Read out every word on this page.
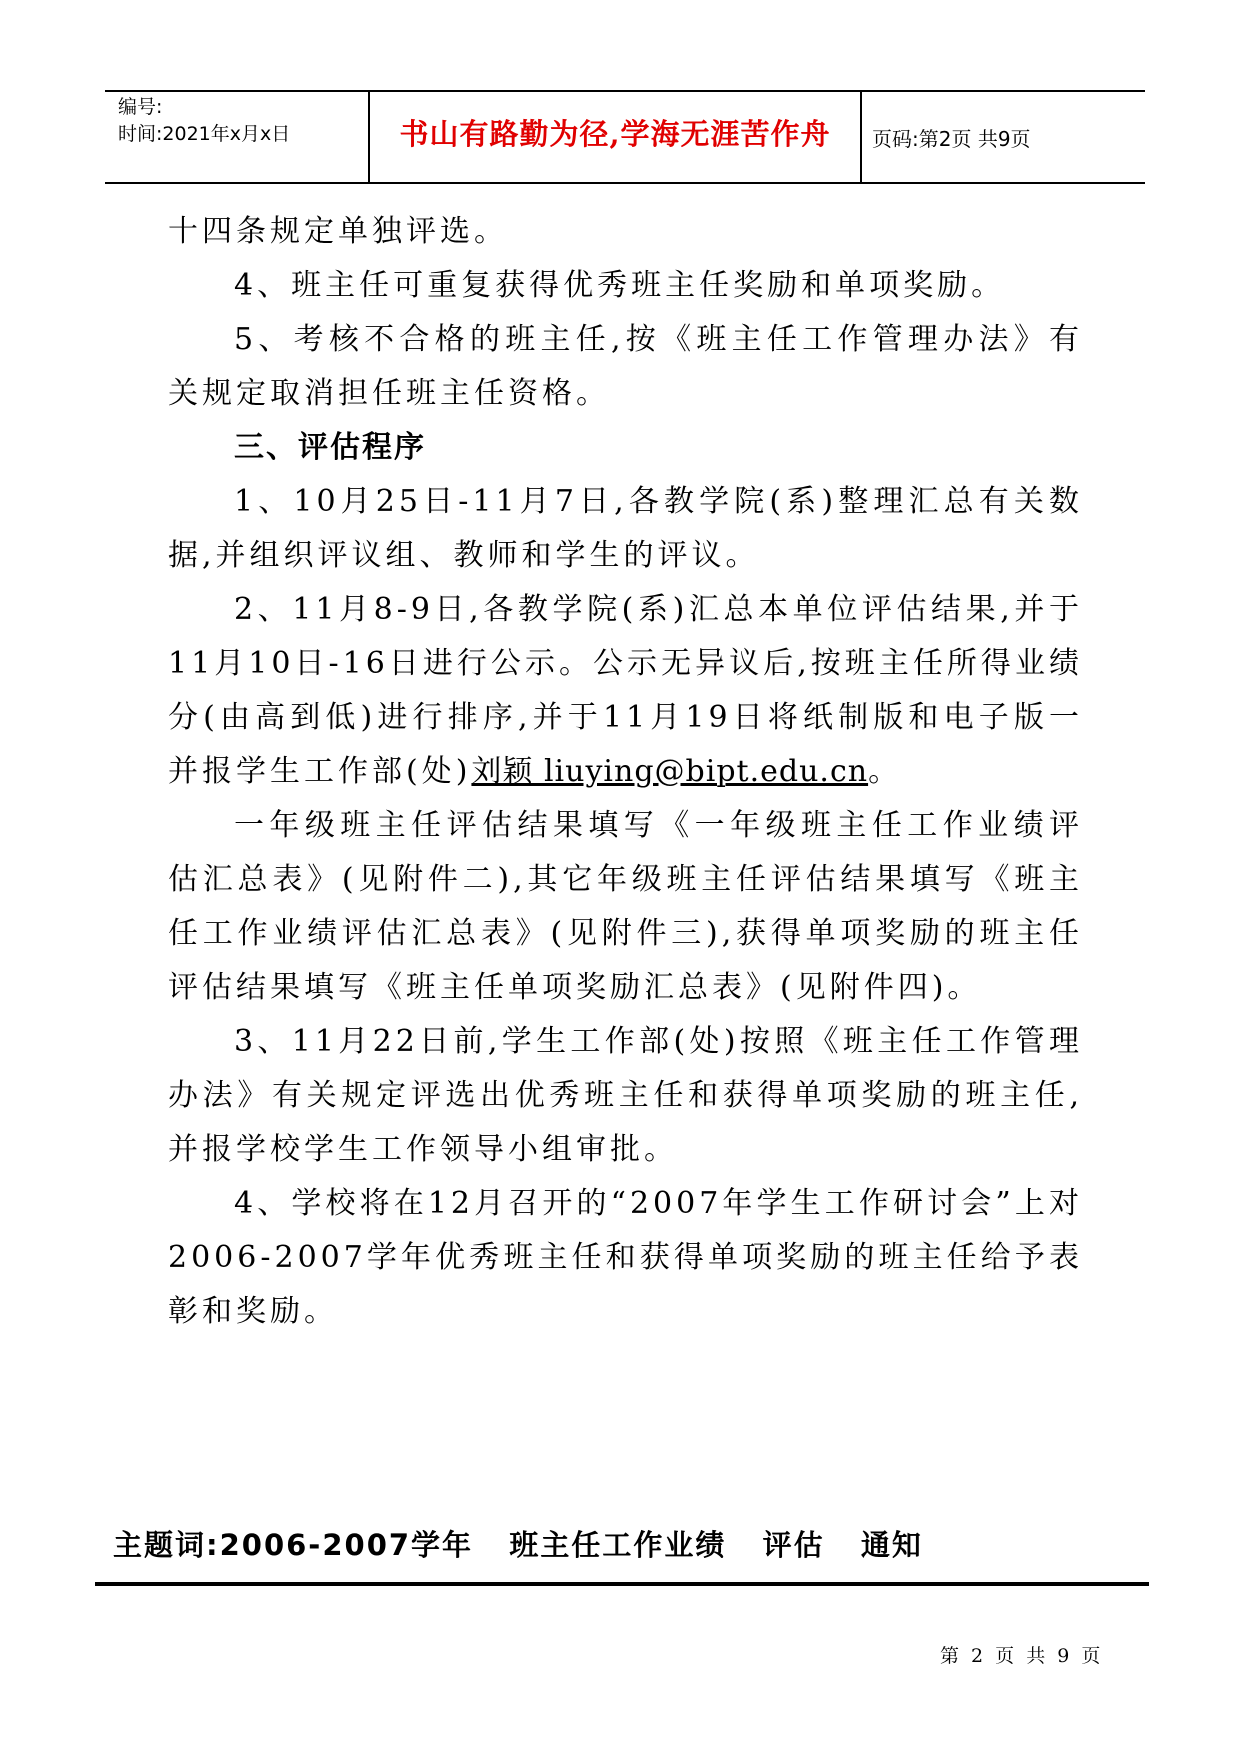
编号:
时间:2021年x月x日	书山有路勤为径,学海无涯苦作舟	页码:第2页 共9页

十四条规定单独评选。

4、班主任可重复获得优秀班主任奖励和单项奖励。

5、考核不合格的班主任,按《班主任工作管理办法》有关规定取消担任班主任资格。

三、评估程序

1、10月25日-11月7日,各教学院(系)整理汇总有关数据,并组织评议组、教师和学生的评议。

2、11月8-9日,各教学院(系)汇总本单位评估结果,并于11月10日-16日进行公示。公示无异议后,按班主任所得业绩分(由高到低)进行排序,并于11月19日将纸制版和电子版一并报学生工作部(处)刘颖 liuying@bipt.edu.cn。

一年级班主任评估结果填写《一年级班主任工作业绩评估汇总表》(见附件二),其它年级班主任评估结果填写《班主任工作业绩评估汇总表》(见附件三),获得单项奖励的班主任评估结果填写《班主任单项奖励汇总表》(见附件四)。

3、11月22日前,学生工作部(处)按照《班主任工作管理办法》有关规定评选出优秀班主任和获得单项奖励的班主任,并报学校学生工作领导小组审批。

4、学校将在12月召开的“2007年学生工作研讨会”上对2006-2007学年优秀班主任和获得单项奖励的班主任给予表彰和奖励。

主题词:2006-2007学年   班主任工作业绩   评估   通知
第 2 页 共 9 页
